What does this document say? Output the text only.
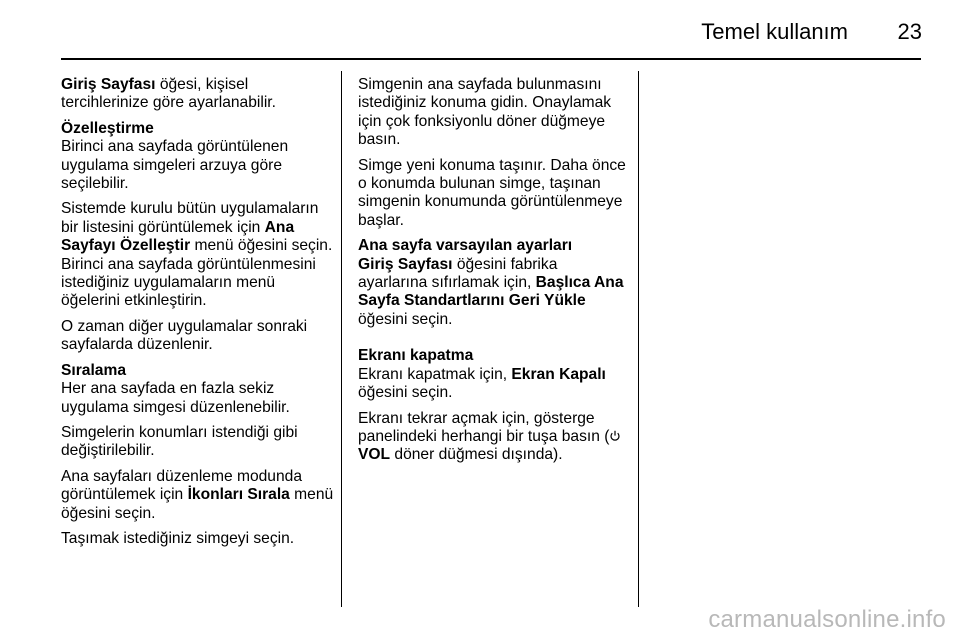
Temel kullanım 23

Giriş Sayfası öğesi, kişisel tercihlerinize göre ayarlanabilir.

Özelleştirme

Birinci ana sayfada görüntülenen uygulama simgeleri arzuya göre seçilebilir.

Sistemde kurulu bütün uygulamaların bir listesini görüntülemek için Ana Sayfayı Özelleştir menü öğesini seçin. Birinci ana sayfada görüntülenmesini istediğiniz uygulamaların menü öğelerini etkinleştirin.

O zaman diğer uygulamalar sonraki sayfalarda düzenlenir.

Sıralama

Her ana sayfada en fazla sekiz uygulama simgesi düzenlenebilir.

Simgelerin konumları istendiği gibi değiştirilebilir.

Ana sayfaları düzenleme modunda görüntülemek için İkonları Sırala menü öğesini seçin.

Taşımak istediğiniz simgeyi seçin.

Simgenin ana sayfada bulunmasını istediğiniz konuma gidin. Onaylamak için çok fonksiyonlu döner düğmeye basın.

Simge yeni konuma taşınır. Daha önce o konumda bulunan simge, taşınan simgenin konumunda görüntülenmeye başlar.

Ana sayfa varsayılan ayarları

Giriş Sayfası öğesini fabrika ayarlarına sıfırlamak için, Başlıca Ana Sayfa Standartlarını Geri Yükle öğesini seçin.

Ekranı kapatma

Ekranı kapatmak için, Ekran Kapalı öğesini seçin.

Ekranı tekrar açmak için, gösterge panelindeki herhangi bir tuşa basın ( VOL döner düğmesi dışında).

carmanualsonline.info
